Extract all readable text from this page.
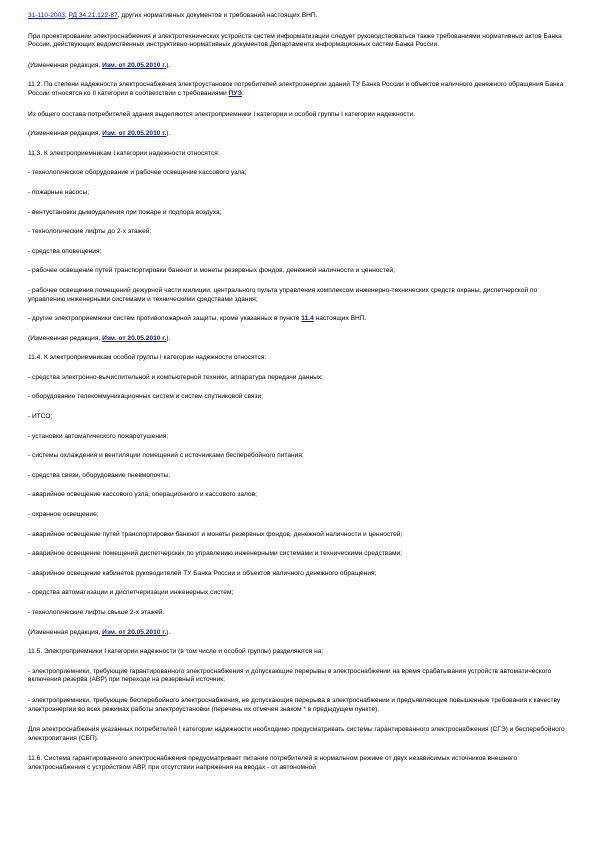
31-110-2003, РД 34.21.122-87, других нормативных документов и требований настоящих ВНП.

При проектировании электроснабжения и электротехнических устройств систем информатизации следует руководствоваться также требованиями нормативных актов Банка России, действующих ведомственных инструктивно-нормативных документов Департамента информационных систем Банка России.

(Измененная редакция, Изм. от 20.05.2010 г.).

11.2. По степени надежности электроснабжения электроустановок потребителей электроэнергии зданий ТУ Банка России и объектов наличного денежного обращения Банка России относятся ко II категории в соответствии с требованиями ПУЭ.

Из общего состава потребителей здания выделяются электроприемники I категории и особой группы I категории надежности.

(Измененная редакция, Изм. от 20.05.2010 г.).

11.3. К электроприемникам I категории надежности относятся:

- технологическое оборудование и рабочее освещение кассового узла;

- пожарные насосы;

- вентустановки дымоудаления при пожаре и подпора воздуха;

- технологические лифты до 2-х этажей;

- средства оповещения;

- рабочее освещение путей транспортировки банкнот и монеты резервных фондов, денежной наличности и ценностей;

- рабочее освещение помещений дежурной части милиции, центрального пульта управления комплексом инженерно-технических средств охраны, диспетчерской по управлению инженерными системами и техническими средствами здания;

- другие электроприемники систем противопожарной защиты, кроме указанных в пункте 11.4 настоящих ВНП.

(Измененная редакция, Изм. от 20.05.2010 г.).

11.4. К электроприемникам особой группы I категории надежности относятся:

- средства электронно-вычислительной и компьютерной техники, аппаратура передачи данных;

- оборудование телекоммуникационных систем и систем спутниковой связи;

- ИТСО;

- установки автоматического пожаротушения;

- системы охлаждения и вентиляции помещений с источниками бесперебойного питания;

- средства связи, оборудование пневмопочты;

- аварийное освещение кассового узла, операционного и кассового залов;

- охранное освещение;

- аварийное освещение путей транспортировки банкнот и монеты резервных фондов, денежной наличности и ценностей;

- аварийное освещение помещений диспетчерских по управлению инженерными системами и техническими средствами;

- аварийное освещение кабинетов руководителей ТУ Банка России и объектов наличного денежного обращения;

- средства автоматизации и диспетчеризации инженерных систем;

- технологические лифты свыше 2-х этажей.

(Измененная редакция, Изм. от 20.05.2010 г.).

11.5. Электроприемники I категории надежности (в том числе и особой группы) разделяются на:

- электроприемники, требующие гарантированного электроснабжения и допускающие перерывы в электроснабжении на время срабатывания устройств автоматического включения резерва (АВР) при переходе на резервный источник;

- электроприемники, требующие бесперебойного электроснабжения, не допускающие перерыва в электроснабжении и предъявляющие повышенные требования к качеству электроэнергии во всех режимах работы электроустановки (перечень их отмечен знаком * в предыдущем пункте).

Для электроснабжения указанных потребителей I категории надежности необходимо предусматривать системы гарантированного электроснабжения (СГЭ) и бесперебойного электропитания (СБП).

11.6. Система гарантированного электроснабжения предусматривает питание потребителей в нормальном режиме от двух независимых источников внешнего электроснабжения с устройством АВР, при отсутствии напряжения на вводах - от автономной
